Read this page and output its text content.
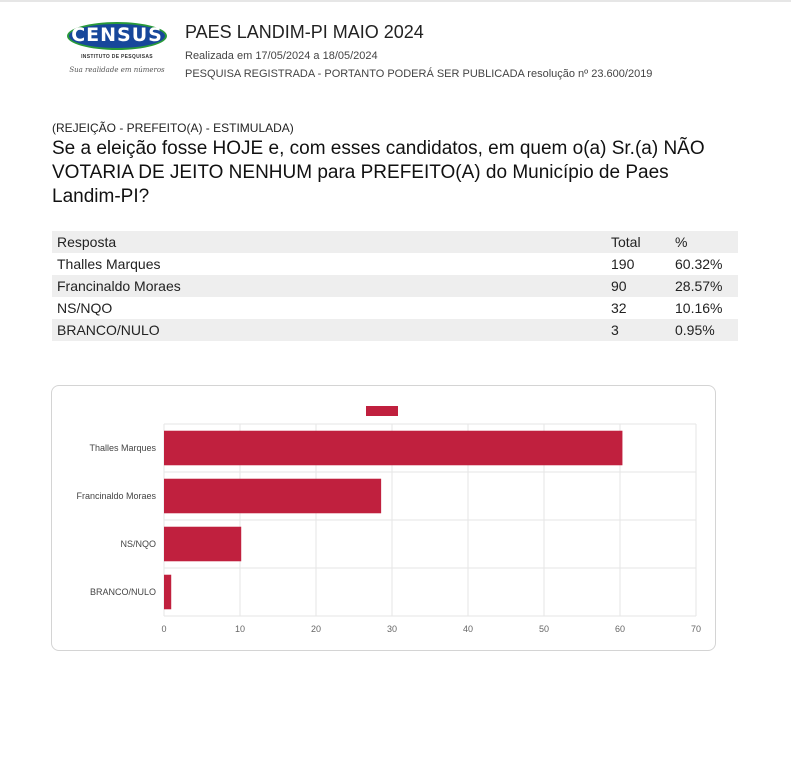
CENSUS
INSTITUTO DE PESQUISAS
Sua realidade em números
PAES LANDIM-PI MAIO 2024
Realizada em 17/05/2024 a 18/05/2024
PESQUISA REGISTRADA - PORTANTO PODERÁ SER PUBLICADA resolução nº 23.600/2019
(REJEIÇÃO - PREFEITO(A) - ESTIMULADA)
Se a eleição fosse HOJE e, com esses candidatos, em quem o(a) Sr.(a) NÃO VOTARIA DE JEITO NENHUM para PREFEITO(A) do Município de Paes Landim-PI?
Resposta	Total	%
Thalles Marques	190	60.32%
Francinaldo Moraes	90	28.57%
NS/NQO	32	10.16%
BRANCO/NULO	3	0.95%
0	10	20	30	40	50	60	70
Thalles Marques
Francinaldo Moraes
NS/NQO
BRANCO/NULO
